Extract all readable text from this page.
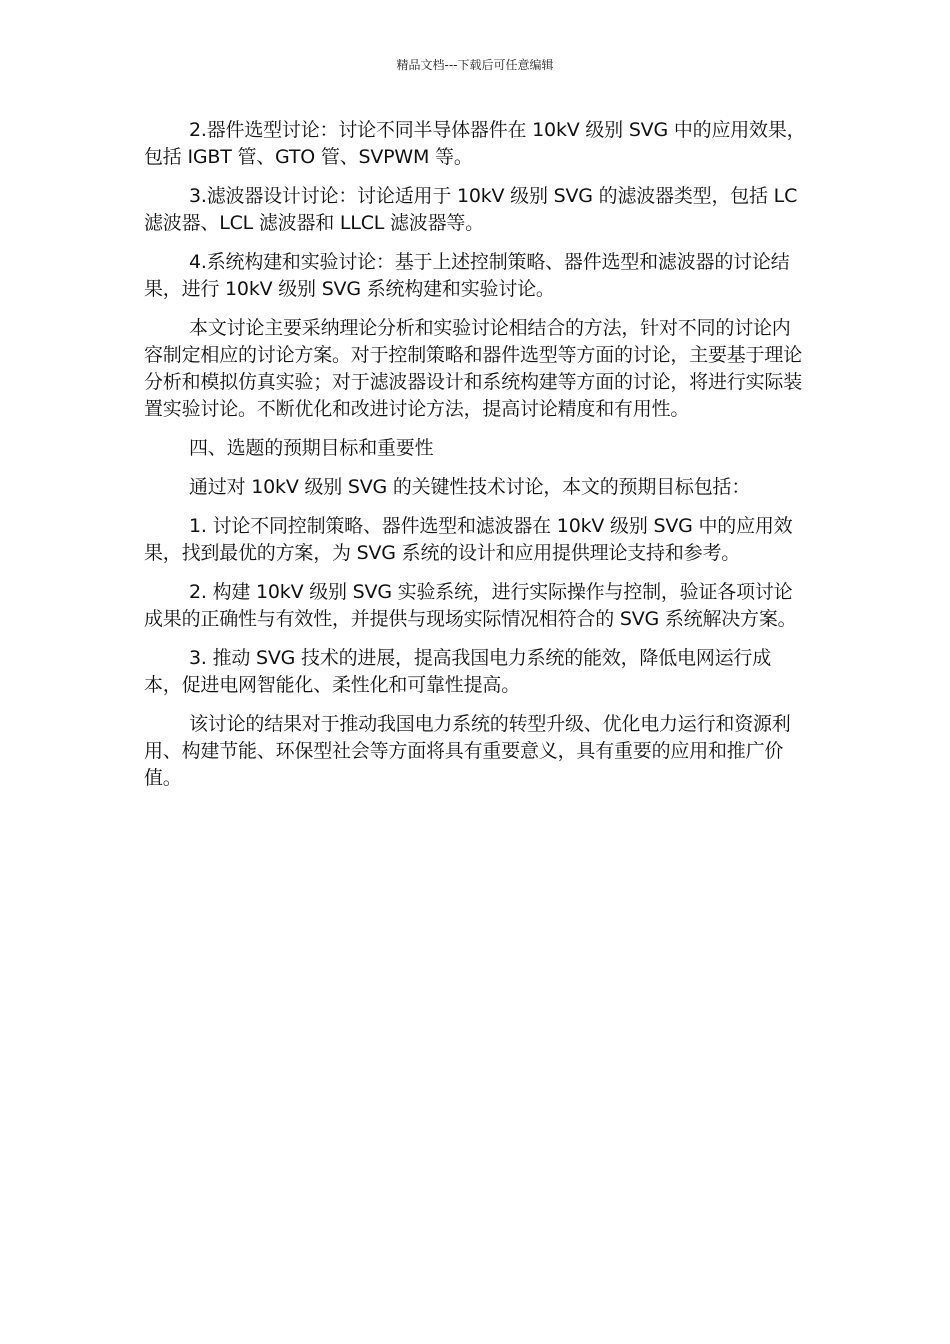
精品文档---下载后可任意编辑

2.器件选型讨论：讨论不同半导体器件在 10kV 级别 SVG 中的应用效果，包括 IGBT 管、GTO 管、SVPWM 等。

3.滤波器设计讨论：讨论适用于 10kV 级别 SVG 的滤波器类型，包括 LC 滤波器、LCL 滤波器和 LLCL 滤波器等。

4.系统构建和实验讨论：基于上述控制策略、器件选型和滤波器的讨论结果，进行 10kV 级别 SVG 系统构建和实验讨论。

本文讨论主要采纳理论分析和实验讨论相结合的方法，针对不同的讨论内容制定相应的讨论方案。对于控制策略和器件选型等方面的讨论，主要基于理论分析和模拟仿真实验；对于滤波器设计和系统构建等方面的讨论，将进行实际装置实验讨论。不断优化和改进讨论方法，提高讨论精度和有用性。

四、选题的预期目标和重要性

通过对 10kV 级别 SVG 的关键性技术讨论，本文的预期目标包括：

1. 讨论不同控制策略、器件选型和滤波器在 10kV 级别 SVG 中的应用效果，找到最优的方案，为 SVG 系统的设计和应用提供理论支持和参考。

2. 构建 10kV 级别 SVG 实验系统，进行实际操作与控制，验证各项讨论成果的正确性与有效性，并提供与现场实际情况相符合的 SVG 系统解决方案。

3. 推动 SVG 技术的进展，提高我国电力系统的能效，降低电网运行成本，促进电网智能化、柔性化和可靠性提高。

该讨论的结果对于推动我国电力系统的转型升级、优化电力运行和资源利用、构建节能、环保型社会等方面将具有重要意义，具有重要的应用和推广价值。
